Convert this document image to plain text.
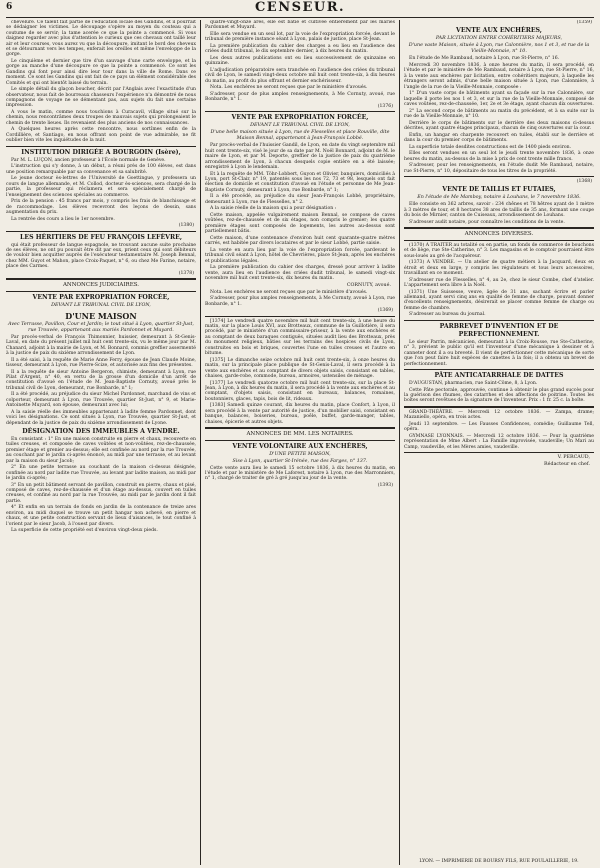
6	CENSEUR.

chevelure. Ce talent fait partie de l'éducation locale des Gandins, et il pourrait se dédaigner les victimes. Le découpage s'opère au moyen du couteau qui a coutume de se servir; la tame acerée ce que la pointe a commencé. Si vous daignez regarder avec plus d'attention le curieux que ces chevaux ont taillé leur air et leur courses, vous aurez vu que la découpure, imitant le bord des cheveux et se détournant vers les tempes, enferait les oreilles et même l'enveloppe de la gorge.

Le cinquième et dernier que tire d'un sauvage d'une carte enveloppe, et la gorge au manche d'une découpure ce que la pointe a commencé. Ce sont les Gandins qui font pour ainsi dire leur tour dans la ville de Rome. Dans ce moment. Ce sont les Gandins qui ont fait de ce pays un élément considérable des Comités et qui ont bientôt laissé du terrain.

Le simple détail du glaçon boucher, décrit par l'Anglais avec l'exactitude d'un observateur, nous fait de bourreaux chasseurs l'expérience n'a démontré de nous compagnons de voyage ne se démentant pas, aux sujets du fait une certaine impression.

A vous le matin, comme nous touchions à Curacavil, village situé sur la chemin, nous rencontrâmes deux troupes de mauvais sujets qui prolongeaient le chemin de trente lieues. Ils revenaient des plus anciens de nos connaissances.

A Quelques heures après cette rencontre, nous sortîmes enfin de la Cordillière, et Santiago, en nous offrant son point de vue admirable, ne fit oublier bien vite les inquiétudes de la nuit.

INSTITUTION DIRIGÉE A BOURGOIN (Isère),

Par M. L. LUÇON, ancien professeur à l'École normale de Genève.

L'instruction qui s'y donne, à un début, a réuni près de 100 élèves, est dans une position remarquable par sa convenance et sa salubrité.

Le jeune docteur ès-lettres de l'Université de Goettingue, y professera un cours de langue allemande, et M. Collod, docteur ès-sciences, sera chargé de la partie, la professeur qui réclamera et sera spécialement chargé de l'enseignement des sciences spéciales au commerce.

Prix de la pension : 45 francs par mois, y compris les frais de blanchissage et de raccommodage. Les élèves recevront des leçons de dessin, sans augmentation du prix.

La rentrée des cours a lieu le 1er novembre.

(1380)

LES HÉRITIERS DE FEU FRANÇOIS LEFÈVRE,

qui était professeur de langue espagnole, ne trouvant aucune suite prochaine de ses élèves, ne ont pu pouvait être dit par eux, prient ceux qui sont débiteurs de vouloir bien acquitter auprès de l'exécuteur testamentaire M. Joseph Bennal, chez MM. Guyot et Mahon, place Croix-Paquet, n° 6, ou chez Me Farine, notaire, place des Carmes.

(1378)

ANNONCES JUDICIAIRES.

VENTE PAR EXPROPRIATION FORCÉE,

DEVANT LE TRIBUNAL CIVIL DE LYON,

D'UNE MAISON

Avec Terrasse, Pavillon, Cour et Jardin; le tout situé à Lyon, quartier St-Just, rue Trouvée, appartenant aux mariés Pardonnet et Muyard.

Par procès-verbal de François Thimonnier, huissier, demeurant à St-Genis-Laval, en date du présent juillet mil huit cent trente-six, vu le même jour par M. Chanard, adjoint à la mairie de Lyon, et M. Bonnard, commis greffier assermenté à la justice de paix du sixième arrondissement de Lyon.

Il a été saisi, à la requête de Marie Anne Ferry, épouse de Jean Claude Moine, tisseur, demeurant à Lyon, rue Pierre-Scize, et autorisée aux fins des présentes.

Il a la requête de sieur Antoine Bergeron, chimiste, demeurant à Lyon, rue Pilat d'Argent, n° 40, en vertu de la grosse d'un domicile d'un arrêt de constitution d'avoué en l'étude de M. Jean-Baptiste Cornuty, avoué près le tribunal civil de Lyon, demeurant, rue Bonbarde, n° 1;

Il a été procédé, au préjudice du sieur Michel Pardonnet, marchand de vins et colporteur, demeurant à Lyon, rue Trouvée, quartier St-Just, n° 9, et Marie-Antoinette Muyard, son épouse, demeurant avec lui;

A la saisie réelle des immeubles appartenant à ladite femme Pardonnet, dont voici les désignations. Ce sont situés à Lyon, rue Trouvée, quartier St-Just, et dépendant de la justice de paix du sixième arrondissement de Lyone.

DÉSIGNATION DES IMMEUBLES A VENDRE.

En consistant : 1° En une maison construite en pierre et chaux, recouverte en tuiles creuses, et composée de caves voûtées et non-voûtées, rez-de-chaussée, premier étage et grenier au-dessus; elle est confinée au nord par la rue Trouvée, au couchant par le jardin ci-après énoncé, au midi par une terrasse, et au levant par la maison du sieur Jacob;

2° En une petite terrasse au couchant de la maison ci-dessus désignée, confinée au nord par ladite rue Trouvée, au levant par ladite maison, au midi par le jardin ci-après;

3° En un petit bâtiment servant de pavillon, construit en pierre, chaux et pisé, composé de caves, rez-de-chaussée et d'un étage au-dessus, couvert en tuiles creuses, et confiné au nord par la rue Trouvée, au midi par le jardin dont il fait partie.

4° Et enfin en un terrain de fonds en jardin de la contenance de treize ares environ, au midi duquel se trouve un petit hangar non achevé, en pierre et chaux, et une petite construction servant de lieux d'aisances, le tout confiné à l'orient par le sieur Jacob, à l'ouest par divers.

La superficie de cette propriété est d'environ vingt-deux pieds.

quatre-vingt-onze ares, elle est bâtie et cultivée entièrement par les mariés Pardonnet et Muyard.

Elle sera vendue en un seul lot, par la voie de l'expropriation forcée, devant le tribunal de première instance séant à Lyon, palais de justice, place St-Jean.

La première publication du cahier des charges a eu lieu en l'audience des criées dudit tribunal, le dix septembre dernier, à dix heures du matin.

Les deux autres publications ont eu lieu successivement de quinzaine en quinzaine.

L'adjudication préparatoire sera tranchée en l'audience des criées du tribunal civil de Lyon, le samedi vingt-deux octobre mil huit cent trente-six, à dix heures du matin, au profit du plus offrant et dernier enchérisseur.

Nota. Les enchères ne seront reçues que par le ministère d'avoués.

S'adresser, pour de plus amples renseignements, à Me Cornuty, avoué, rue Bonbarde, n° 1.

(1376)

VENTE PAR EXPROPRIATION FORCÉE,

DEVANT LE TRIBUNAL CIVIL DE LYON,

D'une belle maison située à Lyon, rue de Flesselles et place Rouville, dite Maison Bennal, appartenant à Jean-François Lobbé.

Par procès-verbal de l'huissier Gandil, de Lyon, en date du vingt septembre mil huit cent trente-six, visé le jour de sa date par M. Noël Bonnard, adjoint de M. le maire de Lyon, et par M. Deporte, greffier de la justice de paix du quatrième arrondissement de Lyon, à chacun desquels copie entière en a été laissée; enregistré à Lyon le lendemain.

Et à la requête de MM. Töhr-Lobbert, Guyon et Olivier, banquiers, domiciliés à Lyon, port St-Clair, n° 19, patentés sous les nos 72, 73 et 98, lesquels ont fait élection de domicile et constitution d'avoué en l'étude et personne de Me Jean-Baptiste Cornuty, demeurant à Lyon, rue Bonbarde, n° 1;

Il a été procédé, au préjudice du sieur Jean-François Lobbé, propriétaire, demeurant à Lyon, rue de Flesselles, n° 2.

A la saisie réelle de la maison qui a pour désignation :

Cette maison, appelée vulgairement maison Bennal, se compose de caves voûtées, rez-de-chaussée et de six étages, non compris le grenier; les quatre première étages sont composés de logements, les autres au-dessus sont partiellement bâtis.

Cette maison, d'une contenance d'environ huit cent quarante-quatre mètres carrés, est habitée par divers locataires et par le sieur Lobbé, partie saisie.

La vente en aura lieu par la voie de l'expropriation forcée, pardevant le tribunal civil séant à Lyon, hôtel de Chevrières, place St-Jean, après les enchères et publications légales.

La première publication du cahier des charges, dressé pour arriver à ladite vente, aura lieu en l'audience des criées dudit tribunal, le samedi vingt-six novembre mil huit cent trente-six, dix heures du matin.

CORNUTY, avoué.

Nota. Les enchères ne seront reçues que par le ministère d'avoués.

S'adresser, pour plus amples renseignements, à Me Cornuty, avoué à Lyon, rue Bonbarde, n° 1.

(1369)

[1374] Le vendredi quatre novembre mil huit cent trente-six, à une heure du matin, sur la place Louis XVI, aux Brotteaux, commune de la Guillotière, il sera procédé, par le ministère d'un commissaire-priseur, à la vente aux enchères et au comptant de deux baraques contiguës, situées audit lieu des Brotteaux, près du monument religieux, bâties sur les terrains des hospices civils de Lyon, construites en bois et briques, couvertes l'une en tuiles creuses et l'autre en bitume.

[1375] Le dimanche seize octobre mil huit cent trente-six, à onze heures du matin, sur la principale place publique de St-Genis-Laval, il sera procédé à la vente aux enchères et au comptant de divers objets saisis, consistant en tables, chaises, garde-robe, commode, bureau, armoires, ustensiles de ménage.

[1377] Le vendredi quatorze octobre mil huit cent trente-six, sur la place St-Jean, à Lyon, à dix heures du matin, il sera procédé à la vente aux enchères et au comptant, d'objets saisis, consistant en bureaux, balances, romaines, boutonniers, glaces, tapis, bois de lit, rideaux.

[1383] Samedi quinze courant, dix heures du matin, place Confort, à Lyon, il sera procédé à la vente par autorité de justice, d'un mobilier saisi, consistant en banque, balances, boiseries, bureau, poêle, buffet, garde-manger, tables, chaises, épicerie et autres objets.

ANNONCES DE MM. LES NOTAIRES.

VENTE VOLONTAIRE AUX ENCHÈRES,

D'UNE PETITE MAISON,

Sise à Lyon, quartier St-Irénée, rue des Farges, n° 137.

Cette vente aura lieu le samedi 15 octobre 1836, à dix heures du matin, en l'étude et par le ministère de Me Laforest, notaire à Lyon, rue des Marronniers, n° 1, chargé de traiter de gré à gré jusqu'au jour de la vente.

(1393)

(1359)

VENTE AUX ENCHÈRES,

PAR LICITATION ENTRE COHÉRITIERS MAJEURS,

D'une vaste Maison, située à Lyon, rue Calonnière, nos 1 et 3, et rue de la Vieille-Monnaie, n° 10.

En l'étude de Me Rambaud, notaire à Lyon, rue St-Pierre, n° 16.

Mercredi 30 novembre 1836, à onze heures du matin, il sera procédé, en l'étude et par le ministère de Me Rambaud, notaire à Lyon, rue St-Pierre, n° 16, à la vente aux enchères par licitation, entre cohéritiers majeurs, à laquelle les étrangers seront admis, d'une belle maison située à Lyon, rue Calonnière, à l'angle de la rue de la Vieille-Monnaie, composée :

1° D'un vaste corps de bâtiments ayant sa façade sur la rue Calonnière, sur laquelle il porte les nos 1 et 3, et sur la rue de la Vieille-Monnaie, composé de caves voûtées, rez-de-chaussée, 1er, 2e et 3e étage, ayant chacun dix ouvertures.

2° La second corps de bâtiments au matin du précédent, et à sa suite sur la rue de la Vieille-Monnaie, n° 10.

Derrière le corps de bâtiments sur le derrière des deux maisons ci-dessus décrites, ayant quatre étages principaux, chacun de cinq ouvertures sur la cour.

Enfin, un hangar en charpente recouvert en tuiles, établi sur le derrière et dans la cour du premier corps de bâtiments.

La superficie totale desdites constructions est de 1400 pieds environ.

Elles seront vendues en un seul lot le jeudi trente novembre 1836, à onze heures du matin, au-dessus de la mise à prix de cent trente mille francs.

S'adresser, pour les renseignements, en l'étude dudit Me Rambaud, notaire, rue St-Pierre, n° 10, dépositaire de tous les titres de la propriété.

(1368)

VENTE DE TAILLIS ET FUTAIES,

En l'étude de Me Mamboy, notaire à Louhans, le 7 novembre 1836.

Elle consiste en 362 arbres, savoir : 234 chênes et 78 hêtres ayant de 1 mètre à 3 mètres de tour, et 8 hectares 38 ares de taillis de 35 ans, formant une coupe du bois de Mirnier, canton de Cuiseaux, arrondissement de Louhans.

S'adresser audit notaire, pour connaître les conditions de la vente.

ANNONCES DIVERSES.

(1370) A TRAITER au totalité ou en partie, un fonds de commerce de bouchons et de liège, rue Ste-Catherine, n° 3. Les magasins et le comptoir pourraient être sous-loués au gré de l'acquéreur.

(1373) A VENDRE. — Un atelier de quatre métiers à la Jacquard, deux en étroit et deux en large, y compris les régulateurs et tous leurs accessoires, travaillant en ce moment.

S'adresser rue de Flesselles, n° 4, au 2e, chez le sieur Combe, chef d'atelier. L'appartement sera libre à la Noël.

(1371) Une Suissesse, veuve, âgée de 31 ans, sachant écrire et parler allemand, ayant servi cinq ans en qualité de femme de charge, pouvant donner d'excellents renseignements, désirerait se placer comme femme de charge ou femme de chambre.

S'adresser au bureau du journal.

PARBREVET D'INVENTION ET DE PERFECTIONNEMENT.

Le sieur Parrin, mécanicien, demeurant à la Croix-Rousse, rue Ste-Catherine, n° 3, prévient le public qu'il est l'inventeur d'une mécanique à dessiner et à canneter dont il a ou breveté. Il vient de perfectionner cette mécanique de sorte que l'on peut faire huit espèces de canettes à la fois; il a obtenu un brevet de perfectionnement.

PÂTE ANTICATARRHALE DE DATTES

D'AUGUSTAN, pharmacien, rue Saint-Côme, 8, à Lyon.

Cette Pâte pectorale, approuvée, continue à obtenir le plus grand succès pour la guérison des rhumes, des catarrhes et des affections de poitrine. Toutes les boîtes seront revêtues de la signature de l'inventeur. Prix : 1 fr. 25 c. la boîte.

GRAND-THÉÂTRE. — Mercredi 12 octobre 1836. — Zampa, drame; Mazaniello, opéra, en trois actes.

Jeudi 13 septembre. — Les Fausses Confidences, comédie; Guillaume Tell, opéra.

GYMNASE LYONNAIS. — Mercredi 12 octobre 1836. — Pour la quatrième représentation de Mme Albert : La Famille improvisée, vaudeville; Un Mari au Camp, vaudeville, et les Mères amies, vaudeville.

V. PERCAUD,

Rédacteur en chef.

LYON. — IMPRIMERIE DE BOURSY FILS, RUE POULAILLERIE, 19.
